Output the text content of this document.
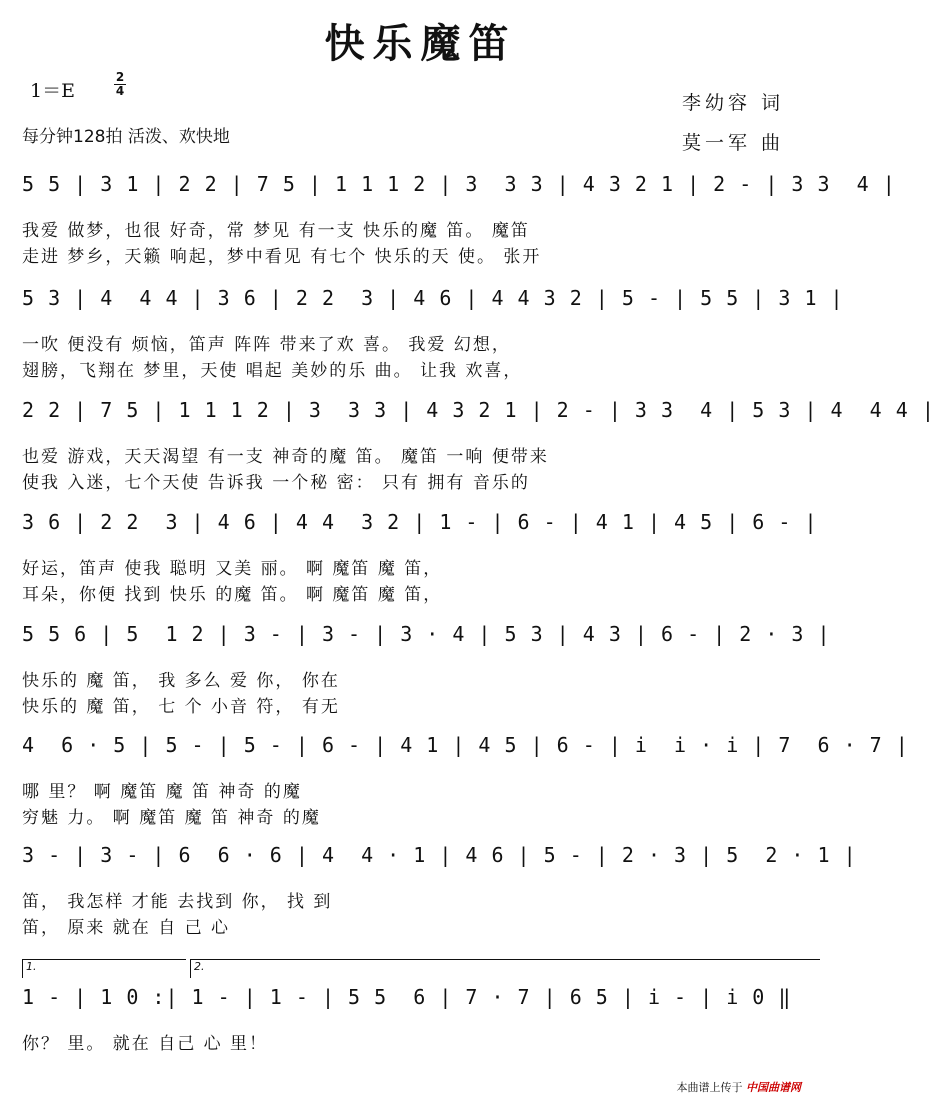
快乐魔笛
1＝E
2
4
每分钟128拍 活泼、欢快地
李幼容 词
莫一军 曲
5 5 | 3 1 | 2 2 | 7 5 | 1 1 1 2 | 3  3 3 | 4 3 2 1 | 2 - | 3 3  4 |
我爱 做梦，也很 好奇，常 梦见 有一支 快乐的魔 笛。 魔笛
走进 梦乡，天籁 响起，梦中看见 有七个 快乐的天 使。 张开
5 3 | 4  4 4 | 3 6 | 2 2  3 | 4 6 | 4 4 3 2 | 5 - | 5 5 | 3 1 |
一吹 便没有 烦恼，笛声 阵阵 带来了欢 喜。 我爱 幻想，
翅膀，飞翔在 梦里，天使 唱起 美妙的乐 曲。 让我 欢喜，
2 2 | 7 5 | 1 1 1 2 | 3  3 3 | 4 3 2 1 | 2 - | 3 3  4 | 5 3 | 4  4 4 |
也爱 游戏，天天渴望 有一支 神奇的魔 笛。 魔笛 一响 便带来
使我 入迷，七个天使 告诉我 一个秘 密： 只有 拥有 音乐的
3 6 | 2 2  3 | 4 6 | 4 4  3 2 | 1 - | 6 - | 4 1 | 4 5 | 6 - |
好运，笛声 使我 聪明 又美 丽。 啊 魔笛 魔 笛，
耳朵，你便 找到 快乐 的魔 笛。 啊 魔笛 魔 笛，
5 5 6 | 5  1 2 | 3 - | 3 - | 3 · 4 | 5 3 | 4 3 | 6 - | 2 · 3 |
快乐的 魔 笛， 我 多么 爱 你， 你在
快乐的 魔 笛， 七 个 小音 符， 有无
4  6 · 5 | 5 - | 5 - | 6 - | 4 1 | 4 5 | 6 - | i  i · i | 7  6 · 7 |
哪 里？ 啊 魔笛 魔 笛 神奇 的魔
穷魅 力。 啊 魔笛 魔 笛 神奇 的魔
3 - | 3 - | 6  6 · 6 | 4  4 · 1 | 4 6 | 5 - | 2 · 3 | 5  2 · 1 |
笛， 我怎样 才能 去找到 你， 找 到
笛， 原来 就在 自 己 心
1 - | 1 0 :| 1 - | 1 - | 5 5  6 | 7 · 7 | 6 5 | i - | i 0 ‖
你？ 里。 就在 自己 心 里！
1.	2.
本曲谱上传于 中国曲谱网
